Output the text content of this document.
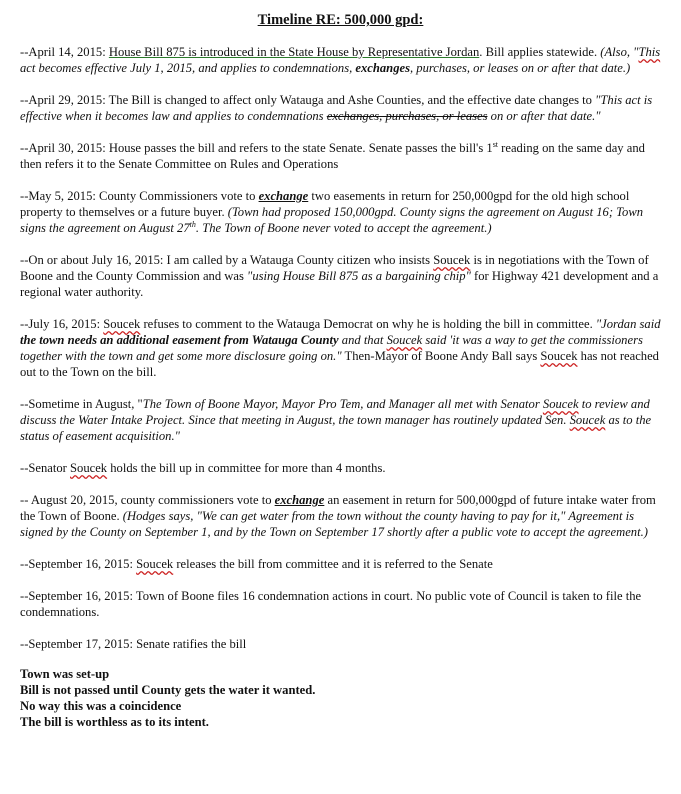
Timeline RE: 500,000 gpd:
--April 14, 2015: House Bill 875 is introduced in the State House by Representative Jordan. Bill applies statewide. (Also, "This act becomes effective July 1, 2015, and applies to condemnations, exchanges, purchases, or leases on or after that date.)
--April 29, 2015: The Bill is changed to affect only Watauga and Ashe Counties, and the effective date changes to "This act is effective when it becomes law and applies to condemnations exchanges, purchases, or leases on or after that date."
--April 30, 2015: House passes the bill and refers to the state Senate. Senate passes the bill's 1st reading on the same day and then refers it to the Senate Committee on Rules and Operations
--May 5, 2015: County Commissioners vote to exchange two easements in return for 250,000gpd for the old high school property to themselves or a future buyer. (Town had proposed 150,000gpd. County signs the agreement on August 16; Town signs the agreement on August 27th. The Town of Boone never voted to accept the agreement.)
--On or about July 16, 2015: I am called by a Watauga County citizen who insists Soucek is in negotiations with the Town of Boone and the County Commission and was "using House Bill 875 as a bargaining chip" for Highway 421 development and a regional water authority.
--July 16, 2015: Soucek refuses to comment to the Watauga Democrat on why he is holding the bill in committee. "Jordan said the town needs an additional easement from Watauga County and that Soucek said 'it was a way to get the commissioners together with the town and get some more disclosure going on." Then-Mayor of Boone Andy Ball says Soucek has not reached out to the Town on the bill.
--Sometime in August, "The Town of Boone Mayor, Mayor Pro Tem, and Manager all met with Senator Soucek to review and discuss the Water Intake Project. Since that meeting in August, the town manager has routinely updated Sen. Soucek as to the status of easement acquisition."
--Senator Soucek holds the bill up in committee for more than 4 months.
-- August 20, 2015, county commissioners vote to exchange an easement in return for 500,000gpd of future intake water from the Town of Boone. (Hodges says, "We can get water from the town without the county having to pay for it," Agreement is signed by the County on September 1, and by the Town on September 17 shortly after a public vote to accept the agreement.)
--September 16, 2015: Soucek releases the bill from committee and it is referred to the Senate
--September 16, 2015: Town of Boone files 16 condemnation actions in court. No public vote of Council is taken to file the condemnations.
--September 17, 2015: Senate ratifies the bill
Town was set-up
Bill is not passed until County gets the water it wanted.
No way this was a coincidence
The bill is worthless as to its intent.
